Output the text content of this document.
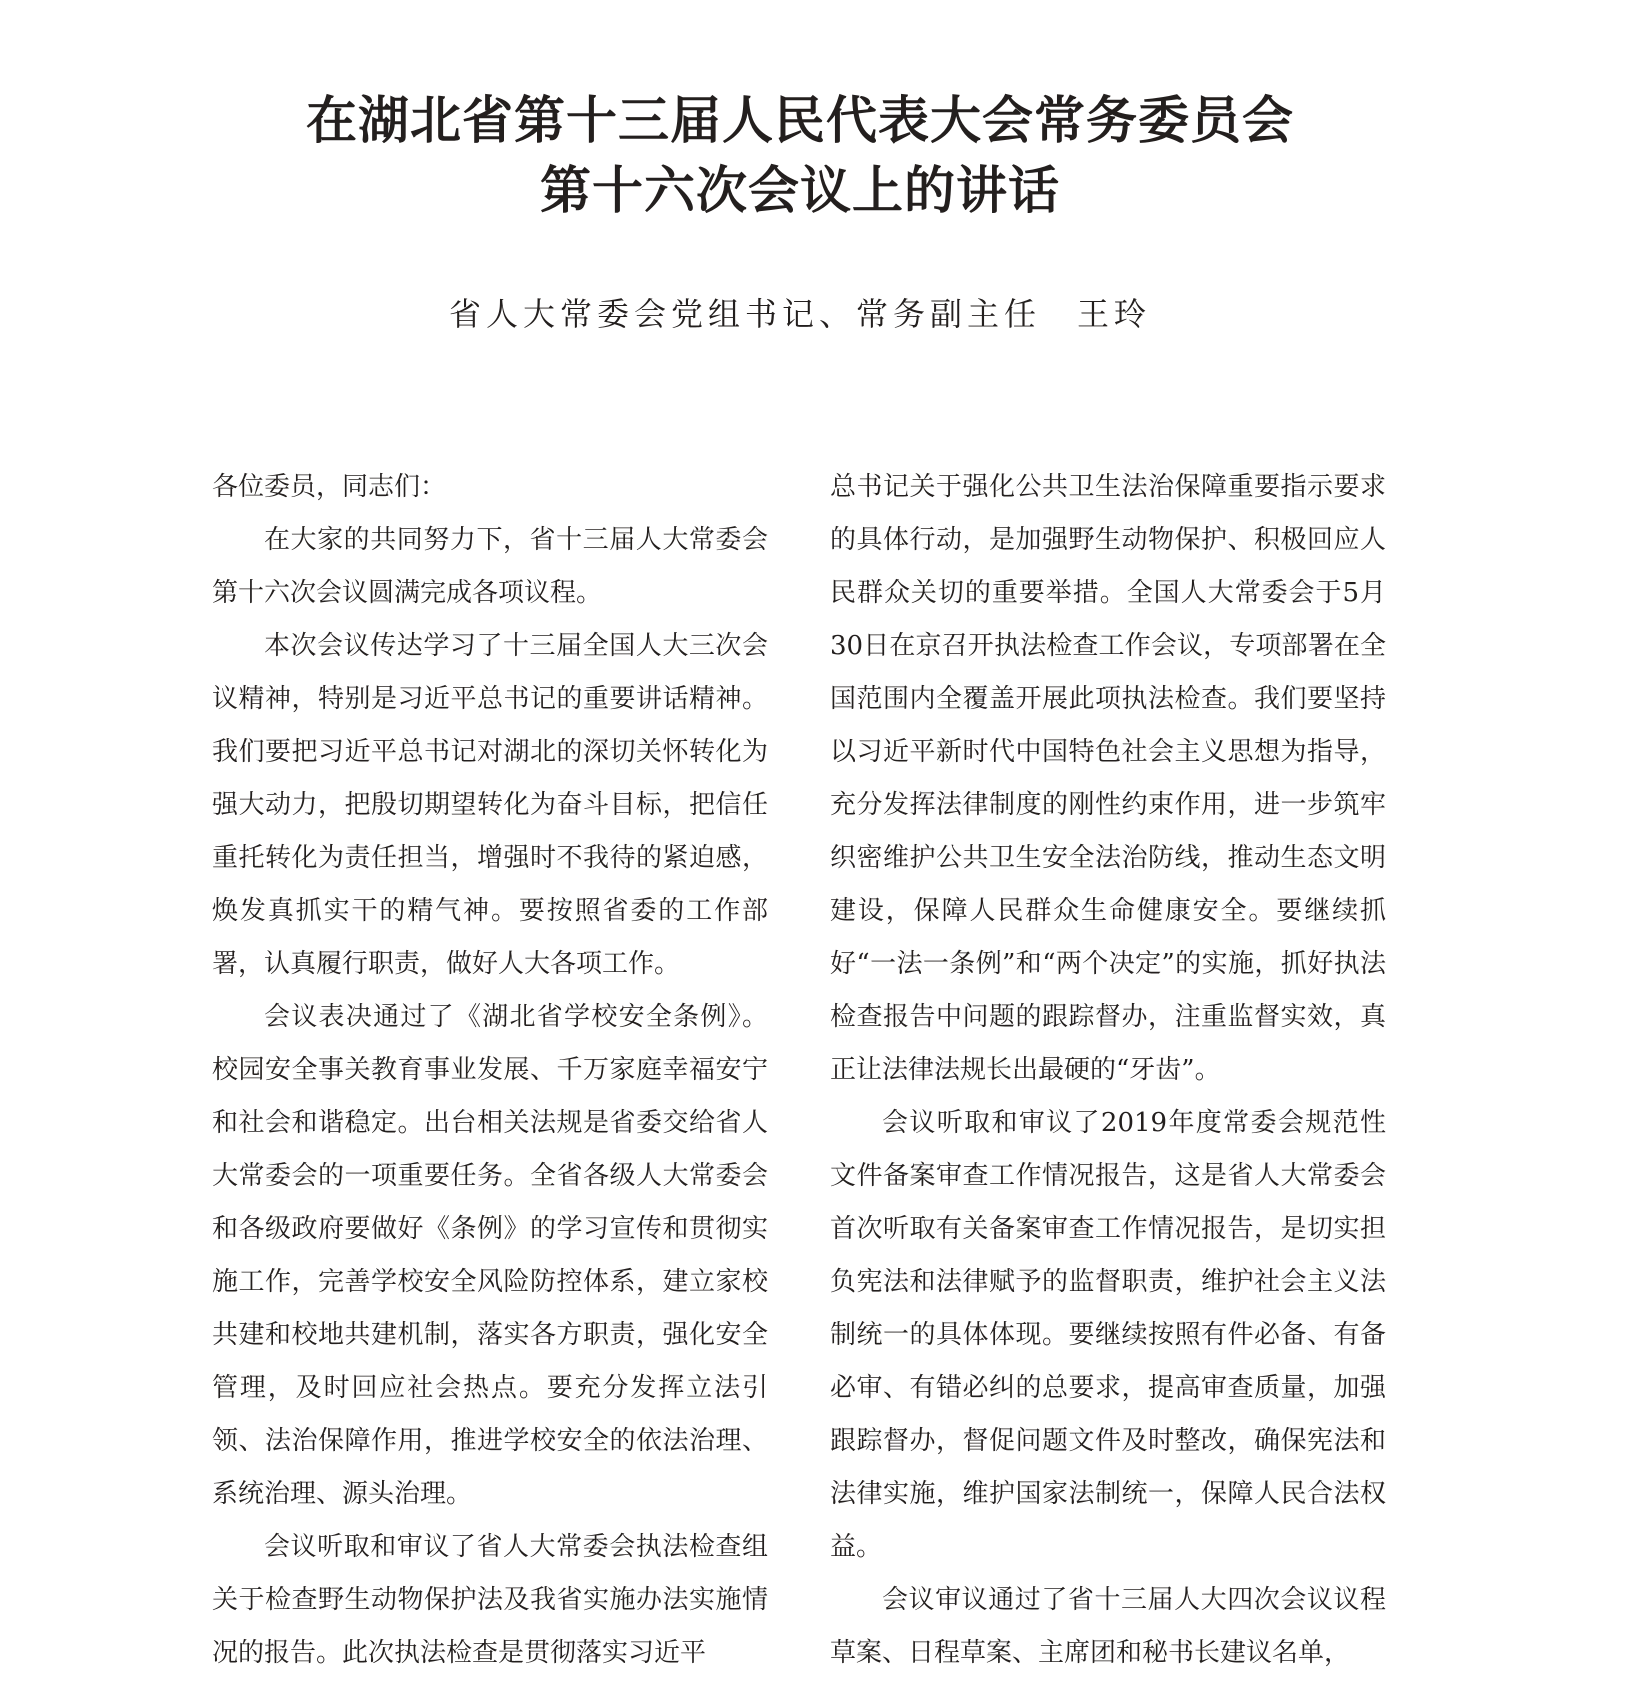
在湖北省第十三届人民代表大会常务委员会
第十六次会议上的讲话
省人大常委会党组书记、常务副主任 王玲

各位委员，同志们：

在大家的共同努力下，省十三届人大常委会第十六次会议圆满完成各项议程。

本次会议传达学习了十三届全国人大三次会议精神，特别是习近平总书记的重要讲话精神。我们要把习近平总书记对湖北的深切关怀转化为强大动力，把殷切期望转化为奋斗目标，把信任重托转化为责任担当，增强时不我待的紧迫感，焕发真抓实干的精气神。要按照省委的工作部署，认真履行职责，做好人大各项工作。

会议表决通过了《湖北省学校安全条例》。校园安全事关教育事业发展、千万家庭幸福安宁和社会和谐稳定。出台相关法规是省委交给省人大常委会的一项重要任务。全省各级人大常委会和各级政府要做好《条例》的学习宣传和贯彻实施工作，完善学校安全风险防控体系，建立家校共建和校地共建机制，落实各方职责，强化安全管理，及时回应社会热点。要充分发挥立法引领、法治保障作用，推进学校安全的依法治理、系统治理、源头治理。

会议听取和审议了省人大常委会执法检查组关于检查野生动物保护法及我省实施办法实施情况的报告。此次执法检查是贯彻落实习近平

总书记关于强化公共卫生法治保障重要指示要求的具体行动，是加强野生动物保护、积极回应人民群众关切的重要举措。全国人大常委会于5月30日在京召开执法检查工作会议，专项部署在全国范围内全覆盖开展此项执法检查。我们要坚持以习近平新时代中国特色社会主义思想为指导，充分发挥法律制度的刚性约束作用，进一步筑牢织密维护公共卫生安全法治防线，推动生态文明建设，保障人民群众生命健康安全。要继续抓好“一法一条例”和“两个决定”的实施，抓好执法检查报告中问题的跟踪督办，注重监督实效，真正让法律法规长出最硬的“牙齿”。

会议听取和审议了2019年度常委会规范性文件备案审查工作情况报告，这是省人大常委会首次听取有关备案审查工作情况报告，是切实担负宪法和法律赋予的监督职责，维护社会主义法制统一的具体体现。要继续按照有件必备、有备必审、有错必纠的总要求，提高审查质量，加强跟踪督办，督促问题文件及时整改，确保宪法和法律实施，维护国家法制统一，保障人民合法权益。

会议审议通过了省十三届人大四次会议议程草案、日程草案、主席团和秘书长建议名单，
